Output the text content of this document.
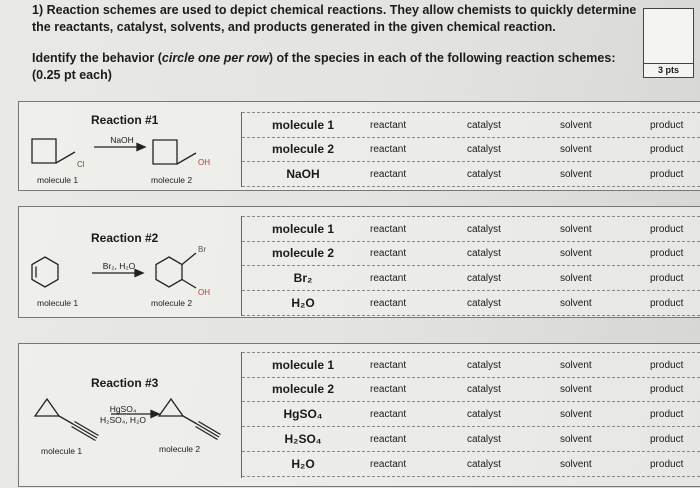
1) Reaction schemes are used to depict chemical reactions. They allow chemists to quickly determine the reactants, catalyst, solvents, and products generated in the given chemical reaction.
Identify the behavior (circle one per row) of the species in each of the following reaction schemes: (0.25 pt each)	3 pts
Reaction #1
NaOH
Cl	OH
molecule 1	molecule 2
molecule 1	reactant	catalyst	solvent	product
molecule 2	reactant	catalyst	solvent	product
NaOH	reactant	catalyst	solvent	product
Reaction #2
Br₂, H₂O
Br
OH
molecule 1	molecule 2
molecule 1	reactant	catalyst	solvent	product
molecule 2	reactant	catalyst	solvent	product
Br₂	reactant	catalyst	solvent	product
H₂O	reactant	catalyst	solvent	product
Reaction #3
HgSO₄
H₂SO₄, H₂O
molecule 1	molecule 2
molecule 1	reactant	catalyst	solvent	product
molecule 2	reactant	catalyst	solvent	product
HgSO₄	reactant	catalyst	solvent	product
H₂SO₄	reactant	catalyst	solvent	product
H₂O	reactant	catalyst	solvent	product
